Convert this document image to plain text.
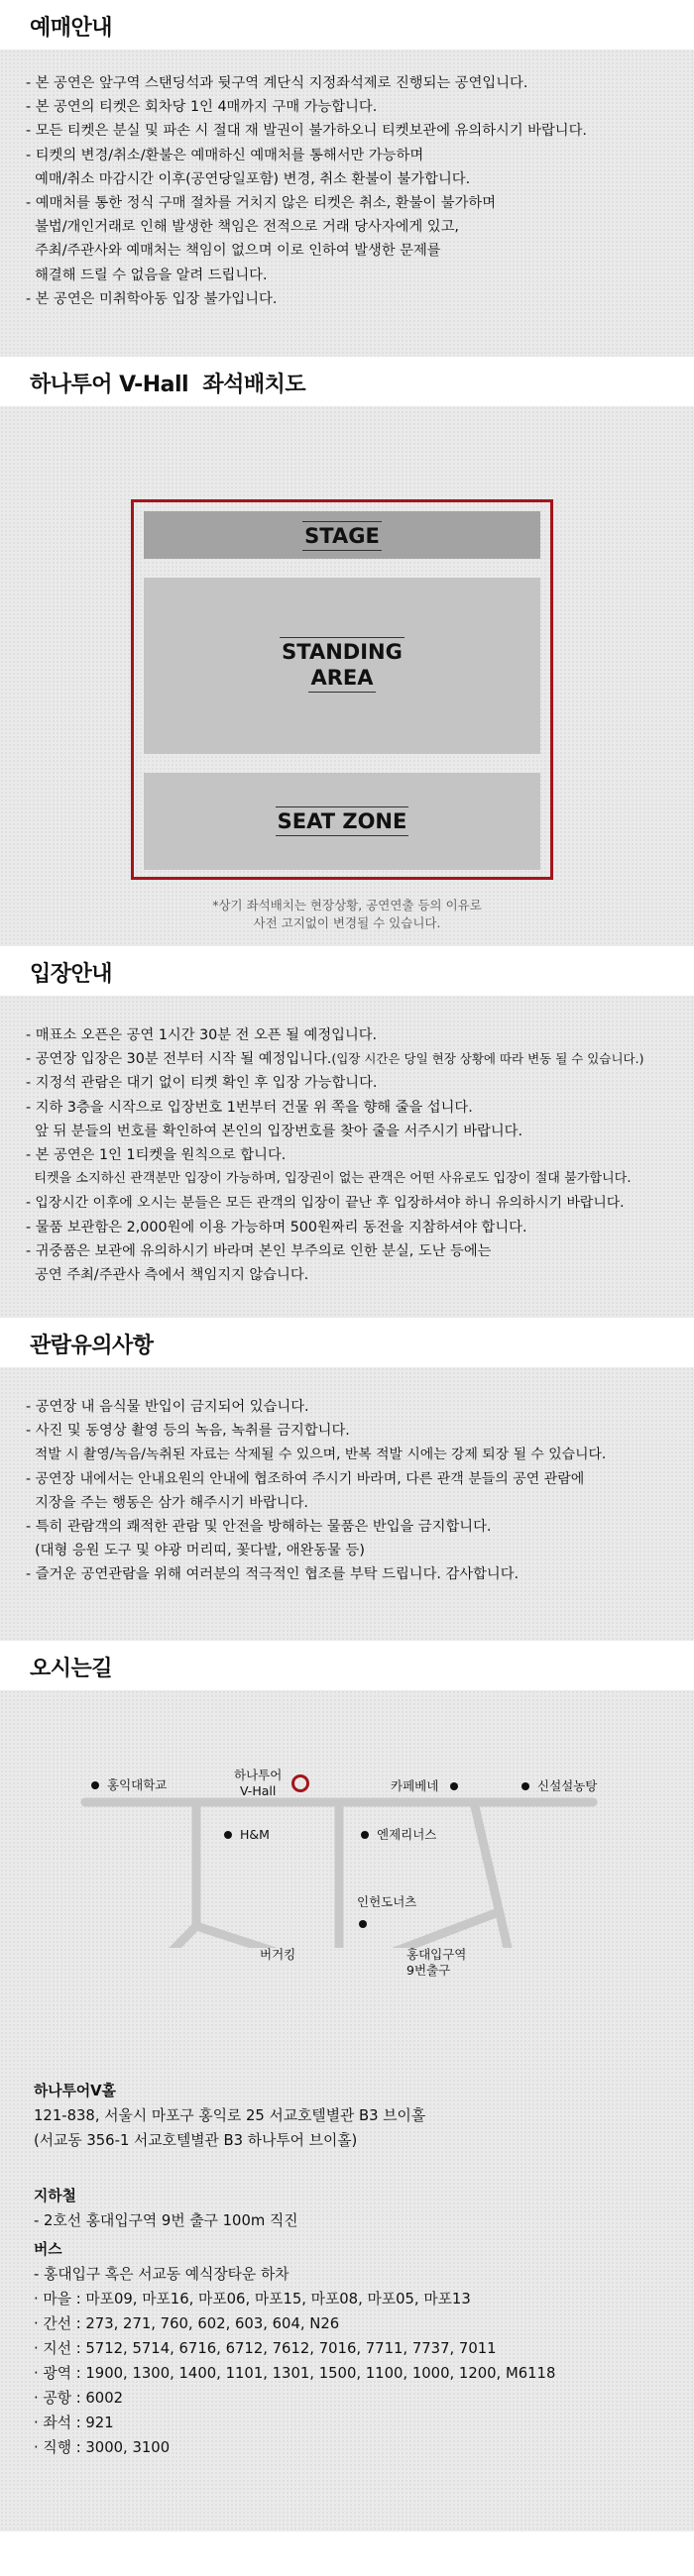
예매안내
- 본 공연은 앞구역 스탠딩석과 뒷구역 계단식 지정좌석제로 진행되는 공연입니다.
- 본 공연의 티켓은 회차당 1인 4매까지 구매 가능합니다.
- 모든 티켓은 분실 및 파손 시 절대 재 발권이 불가하오니 티켓보관에 유의하시기 바랍니다.
- 티켓의 변경/취소/환불은 예매하신 예매처를 통해서만 가능하며
예매/취소 마감시간 이후(공연당일포함) 변경, 취소 환불이 불가합니다.
- 예매처를 통한 정식 구매 절차를 거치지 않은 티켓은 취소, 환불이 불가하며
불법/개인거래로 인해 발생한 책임은 전적으로 거래 당사자에게 있고,
주최/주관사와 예매처는 책임이 없으며 이로 인하여 발생한 문제를
해결해 드릴 수 없음을 알려 드립니다.
- 본 공연은 미취학아동 입장 불가입니다.
하나투어 V-Hall  좌석배치도
STAGE
STANDING
AREA
SEAT ZONE
*상기 좌석배치는 현장상황, 공연연출 등의 이유로
사전 고지없이 변경될 수 있습니다.
입장안내
- 매표소 오픈은 공연 1시간 30분 전 오픈 될 예정입니다.
- 공연장 입장은 30분 전부터 시작 될 예정입니다.(입장 시간은 당일 현장 상황에 따라 변동 될 수 있습니다.)
- 지정석 관람은 대기 없이 티켓 확인 후 입장 가능합니다.
- 지하 3층을 시작으로 입장번호 1번부터 건물 위 쪽을 향해 줄을 섭니다.
앞 뒤 분들의 번호를 확인하여 본인의 입장번호를 찾아 줄을 서주시기 바랍니다.
- 본 공연은 1인 1티켓을 원칙으로 합니다.
티켓을 소지하신 관객분만 입장이 가능하며, 입장권이 없는 관객은 어떤 사유로도 입장이 절대 불가합니다.
- 입장시간 이후에 오시는 분들은 모든 관객의 입장이 끝난 후 입장하셔야 하니 유의하시기 바랍니다.
- 물품 보관함은 2,000원에 이용 가능하며 500원짜리 동전을 지참하셔야 합니다.
- 귀중품은 보관에 유의하시기 바라며 본인 부주의로 인한 분실, 도난 등에는
공연 주최/주관사 측에서 책임지지 않습니다.
관람유의사항
- 공연장 내 음식물 반입이 금지되어 있습니다.
- 사진 및 동영상 촬영 등의 녹음, 녹취를 금지합니다.
적발 시 촬영/녹음/녹취된 자료는 삭제될 수 있으며, 반복 적발 시에는 강제 퇴장 될 수 있습니다.
- 공연장 내에서는 안내요원의 안내에 협조하여 주시기 바라며, 다른 관객 분들의 공연 관람에
지장을 주는 행동은 삼가 해주시기 바랍니다.
- 특히 관람객의 쾌적한 관람 및 안전을 방해하는 물품은 반입을 금지합니다.
(대형 응원 도구 및 야광 머리띠, 꽃다발, 애완동물 등)
- 즐거운 공연관람을 위해 여러분의 적극적인 협조를 부탁 드립니다. 감사합니다.
오시는길
홍익대학교
하나투어
V-Hall	카페베네	신설설농탕
H&M	엔제리너스
인헌도너츠
버거킹	홍대입구역
9번출구
하나투어V홀
121-838, 서울시 마포구 홍익로 25 서교호텔별관 B3 브이홀
(서교동 356-1 서교호텔별관 B3 하나투어 브이홀)
지하철
- 2호선 홍대입구역 9번 출구 100m 직진
버스
- 홍대입구 혹은 서교동 예식장타운 하차
· 마을 : 마포09, 마포16, 마포06, 마포15, 마포08, 마포05, 마포13
· 간선 : 273, 271, 760, 602, 603, 604, N26
· 지선 : 5712, 5714, 6716, 6712, 7612, 7016, 7711, 7737, 7011
· 광역 : 1900, 1300, 1400, 1101, 1301, 1500, 1100, 1000, 1200, M6118
· 공항 : 6002
· 좌석 : 921
· 직행 : 3000, 3100
